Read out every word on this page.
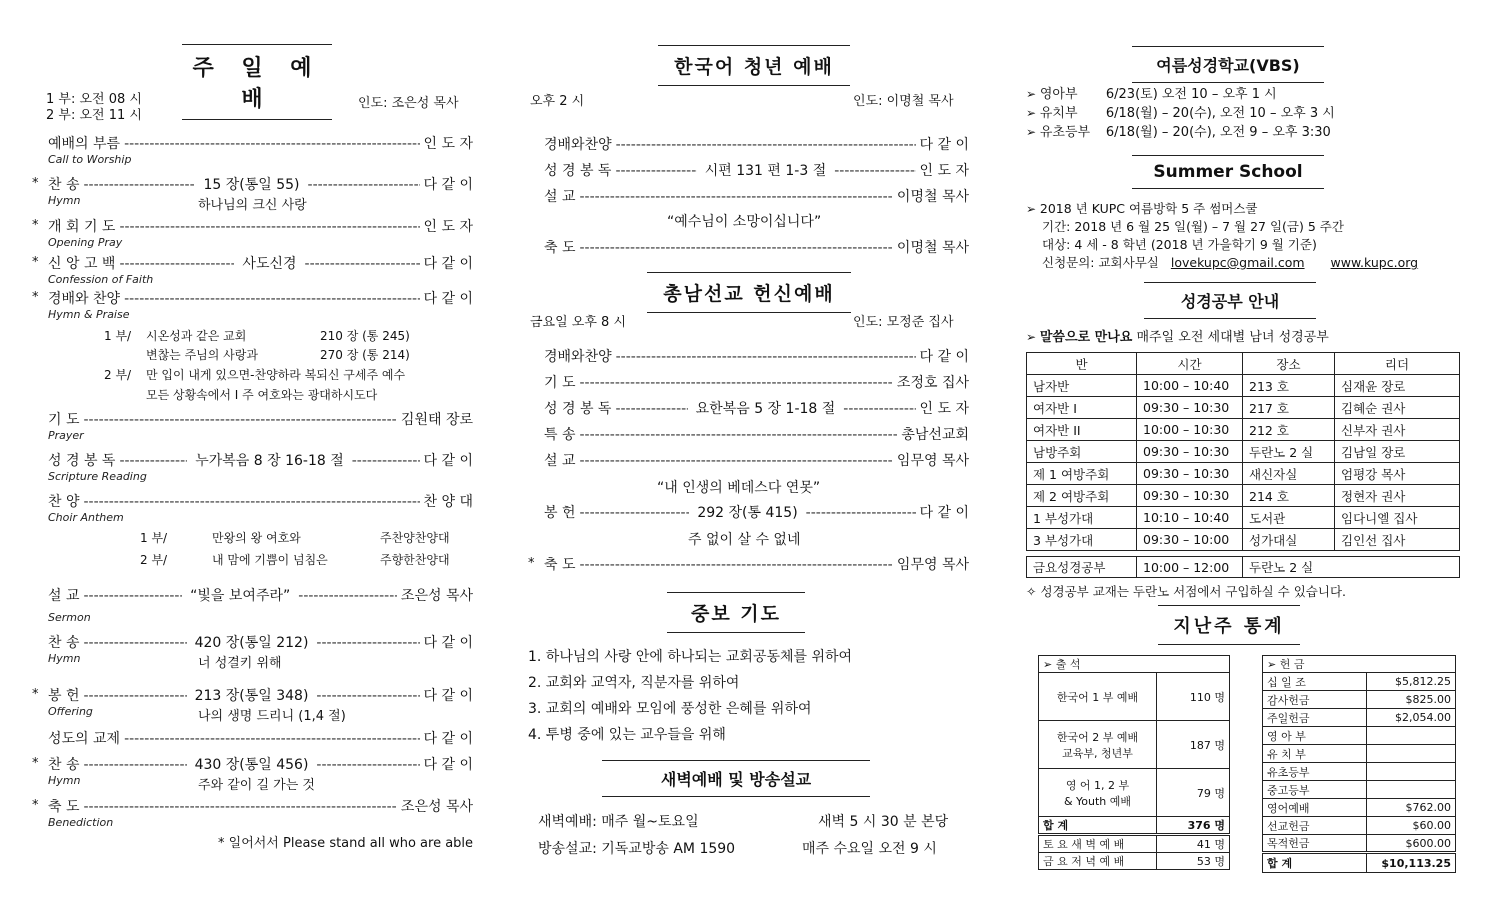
주 일 예 배
1 부: 오전 08 시
2 부: 오전 11 시
인도: 조은성 목사
예배의 부름 -----	인 도 자
Call to Worship
* 찬 송 -----	15 장(통일 55) -----	다 같 이
Hymn	하나님의 크신 사랑
* 개 회 기 도 -----	인 도 자
Opening Pray
* 신 앙 고 백 -----	사도신경 -----	다 같 이
Confession of Faith
* 경배와 찬양 -----	다 같 이
Hymn & Praise
1 부/ 시온성과 같은 교회	210 장 (통 245)
변찮는 주님의 사랑과	270 장 (통 214)
2 부/ 만 입이 내게 있으면-찬양하라 복되신 구세주 예수
모든 상황속에서 I 주 여호와는 광대하시도다
기 도 -----	김원태 장로
Prayer
성 경 봉 독 -----	누가복음 8 장 16-18 절 -----	다 같 이
Scripture Reading
찬 양 -----	찬 양 대
Choir Anthem
1 부/	만왕의 왕 여호와	주찬양찬양대
2 부/	내 맘에 기쁨이 넘침은	주향한찬양대
설 교 -----	“빛을 보여주라” -----	조은성 목사
Sermon
찬 송 -----	420 장(통일 212) -----	다 같 이
Hymn	너 성결키 위해
* 봉 헌 -----	213 장(통일 348) -----	다 같 이
Offering	나의 생명 드리니 (1,4 절)
성도의 교제 -----	다 같 이
* 찬 송 -----	430 장(통일 456) -----	다 같 이
Hymn	주와 같이 길 가는 것
* 축 도 -----	조은성 목사
Benediction
* 일어서서 Please stand all who are able
한국어 청년 예배
오후 2 시	인도: 이명철 목사
경배와찬양 -----	다 같 이
성 경 봉 독 -----	시편 131 편 1-3 절 -----	인 도 자
설 교 -----	이명철 목사
축 도 -----	이명철 목사
“예수님이 소망이십니다”
총남선교 헌신예배
금요일 오후 8 시	인도: 모정준 집사
경배와찬양 -----	다 같 이
기 도 -----	조정호 집사
성 경 봉 독 -----	요한복음 5 장 1-18 절 -----	인 도 자
특 송 -----	총남선교회
설 교 -----	임무영 목사
봉 헌 -----	292 장(통 415) -----	다 같 이
* 축 도 -----	임무영 목사
“내 인생의 베데스다 연못”
주 없이 살 수 없네
중보 기도
1. 하나님의 사랑 안에 하나되는 교회공동체를 위하여
2. 교회와 교역자, 직분자를 위하여
3. 교회의 예배와 모임에 풍성한 은혜를 위하여
4. 투병 중에 있는 교우들을 위해
새벽예배 및 방송설교
새벽예배: 매주 월~토요일	새벽 5 시 30 분 본당
방송설교: 기독교방송 AM 1590	매주 수요일 오전 9 시
여름성경학교(VBS)
➢ 영아부 6/23(토) 오전 10 – 오후 1 시
➢ 유치부 6/18(월) – 20(수), 오전 10 – 오후 3 시
➢ 유초등부 6/18(월) – 20(수), 오전 9 – 오후 3:30
Summer School
➢ 2018 년 KUPC 여름방학 5 주 썸머스쿨
기간: 2018 년 6 월 25 일(월) – 7 월 27 일(금) 5 주간
대상: 4 세 - 8 학년 (2018 년 가을학기 9 월 기준)
신청문의: 교회사무실 lovekupc@gmail.com www.kupc.org
성경공부 안내
➢ 말씀으로 만나요 매주일 오전 세대별 남녀 성경공부
반	시간	장소	리더
남자반	10:00 – 10:40	213 호	심재윤 장로
여자반 I	09:30 – 10:30	217 호	김혜순 권사
여자반 II	10:00 – 10:30	212 호	신부자 권사
남방주회	09:30 – 10:30	두란노 2 실	김남일 장로
제 1 여방주회	09:30 – 10:30	새신자실	엄평강 목사
제 2 여방주회	09:30 – 10:30	214 호	정현자 권사
1 부성가대	10:10 – 10:40	도서관	임다니엘 집사
3 부성가대	09:30 – 10:00	성가대실	김인선 집사
금요성경공부	10:00 – 12:00	두란노 2 실
✧ 성경공부 교재는 두란노 서점에서 구입하실 수 있습니다.
지난주 통계
➢ 출 석	
한국어 1 부 예배	110 명
한국어 2 부 예배
교육부, 청년부	187 명
영 어 1, 2 부
& Youth 예배	79 명
합 계	376 명
토 요 새 벽 예 배	41 명
금 요 저 녁 예 배	53 명
➢ 헌 금	
십 일 조	$5,812.25
감사헌금	$825.00
주일헌금	$2,054.00
영 아 부	
유 치 부	
유초등부	
중고등부	
영어예배	$762.00
선교헌금	$60.00
목적헌금	$600.00
합 계	$10,113.25
